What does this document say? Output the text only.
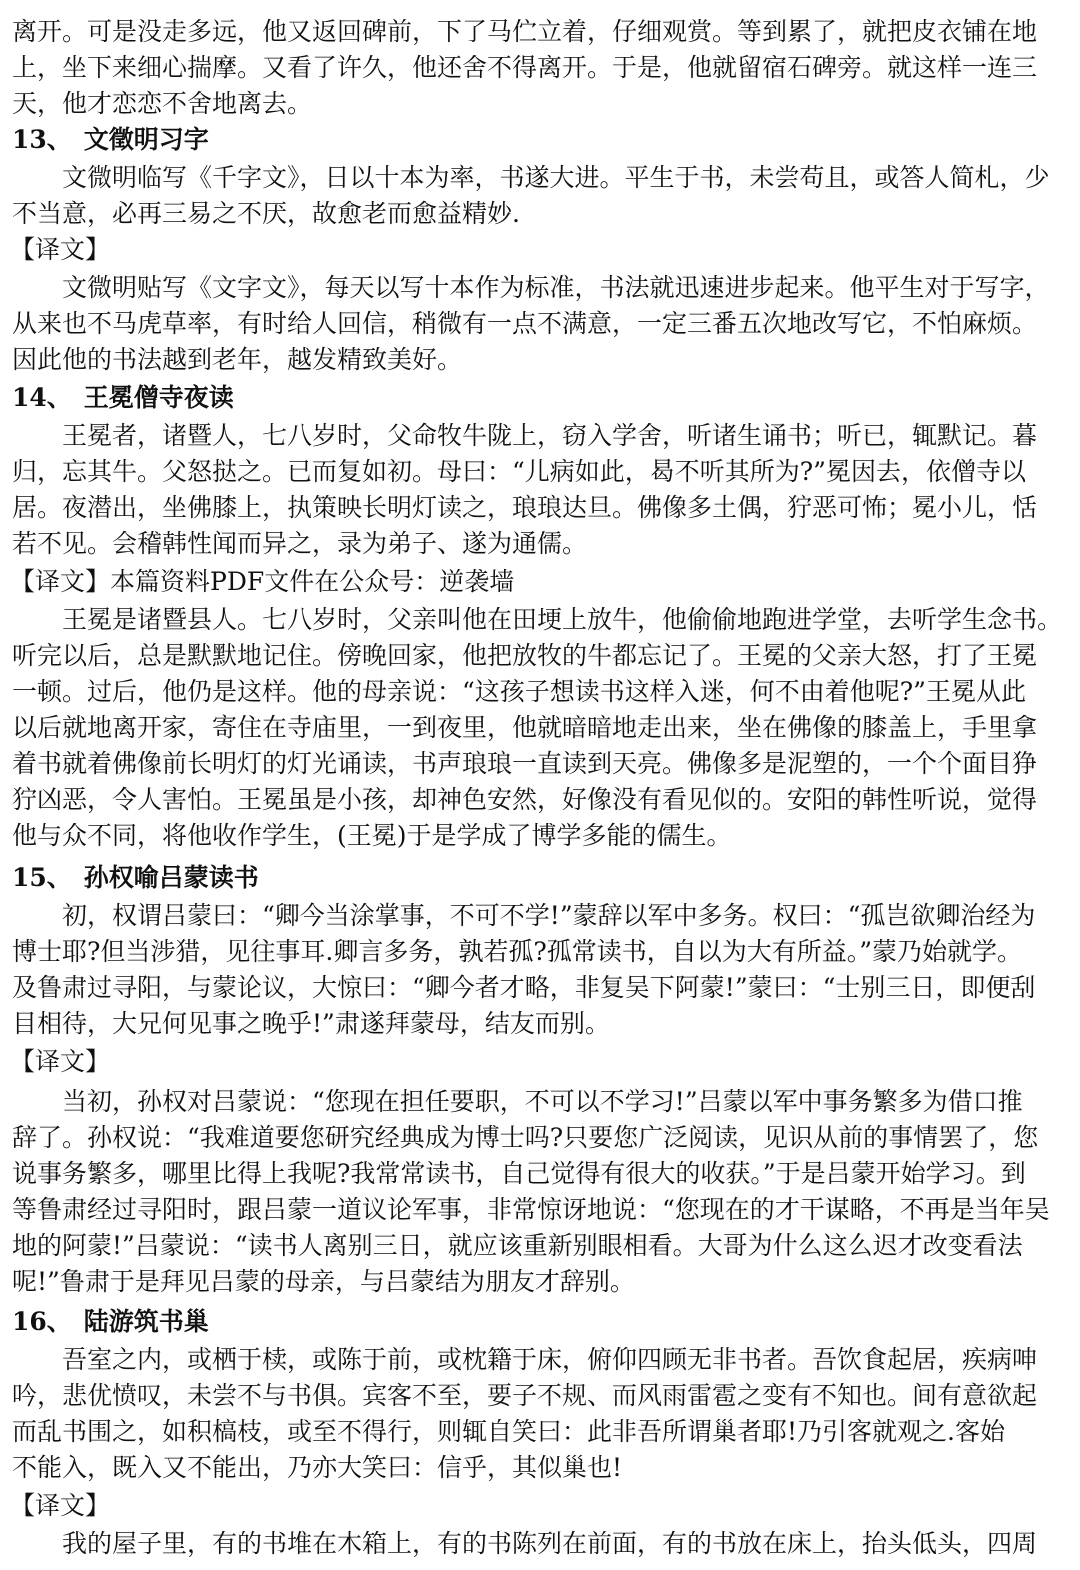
离开。可是没走多远，他又返回碑前，下了马伫立着，仔细观赏。等到累了，就把皮衣铺在地
上，坐下来细心揣摩。又看了许久，他还舍不得离开。于是，他就留宿石碑旁。就这样一连三
天，他才恋恋不舍地离去。
13、 文徵明习字
文微明临写《千字文》，日以十本为率，书遂大进。平生于书，未尝苟且，或答人简札，少
不当意，必再三易之不厌，故愈老而愈益精妙.
【译文】
文微明贴写《文字文》，每天以写十本作为标准，书法就迅速进步起来。他平生对于写字，
从来也不马虎草率，有时给人回信，稍微有一点不满意，一定三番五次地改写它，不怕麻烦。
因此他的书法越到老年，越发精致美好。
14、 王冕僧寺夜读
王冕者，诸暨人，七八岁时，父命牧牛陇上，窃入学舍，听诸生诵书；听已，辄默记。暮
归，忘其牛。父怒挞之。已而复如初。母曰：“儿病如此，曷不听其所为?”冕因去，依僧寺以
居。夜潜出，坐佛膝上，执策映长明灯读之，琅琅达旦。佛像多土偶，狞恶可怖；冕小儿，恬
若不见。会稽韩性闻而异之，录为弟子、遂为通儒。
【译文】本篇资料PDF文件在公众号：逆袭墙
王冕是诸暨县人。七八岁时，父亲叫他在田埂上放牛，他偷偷地跑进学堂，去听学生念书。
听完以后，总是默默地记住。傍晚回家，他把放牧的牛都忘记了。王冕的父亲大怒，打了王冕
一顿。过后，他仍是这样。他的母亲说：“这孩子想读书这样入迷，何不由着他呢?”王冕从此
以后就地离开家，寄住在寺庙里，一到夜里，他就暗暗地走出来，坐在佛像的膝盖上，手里拿
着书就着佛像前长明灯的灯光诵读，书声琅琅一直读到天亮。佛像多是泥塑的，一个个面目狰
狞凶恶，令人害怕。王冕虽是小孩，却神色安然，好像没有看见似的。安阳的韩性听说，觉得
他与众不同，将他收作学生，(王冕)于是学成了博学多能的儒生。
15、 孙权喻吕蒙读书
初，权谓吕蒙曰：“卿今当涂掌事，不可不学!”蒙辞以军中多务。权曰：“孤岂欲卿治经为
博士耶?但当涉猎，见往事耳.卿言多务，孰若孤?孤常读书，自以为大有所益。”蒙乃始就学。
及鲁肃过寻阳，与蒙论议，大惊曰：“卿今者才略，非复吴下阿蒙!”蒙曰：“士别三日，即便刮
目相待，大兄何见事之晚乎!”肃遂拜蒙母，结友而别。
【译文】
当初，孙权对吕蒙说：“您现在担任要职，不可以不学习!”吕蒙以军中事务繁多为借口推
辞了。孙权说：“我难道要您研究经典成为博士吗?只要您广泛阅读，见识从前的事情罢了，您
说事务繁多，哪里比得上我呢?我常常读书，自己觉得有很大的收获。”于是吕蒙开始学习。到
等鲁肃经过寻阳时，跟吕蒙一道议论军事，非常惊讶地说：“您现在的才干谋略，不再是当年吴
地的阿蒙!”吕蒙说：“读书人离别三日，就应该重新别眼相看。大哥为什么这么迟才改变看法
呢!”鲁肃于是拜见吕蒙的母亲，与吕蒙结为朋友才辞别。
16、 陆游筑书巢
吾室之内，或栖于椟，或陈于前，或枕籍于床，俯仰四顾无非书者。吾饮食起居，疾病呻
吟，悲优愤叹，未尝不与书俱。宾客不至，要子不规、而风雨雷雹之变有不知也。间有意欲起
而乱书围之，如积槁枝，或至不得行，则辄自笑曰：此非吾所谓巢者耶!乃引客就观之.客始
不能入，既入又不能出，乃亦大笑曰：信乎，其似巢也!
【译文】
我的屋子里，有的书堆在木箱上，有的书陈列在前面，有的书放在床上，抬头低头，四周
